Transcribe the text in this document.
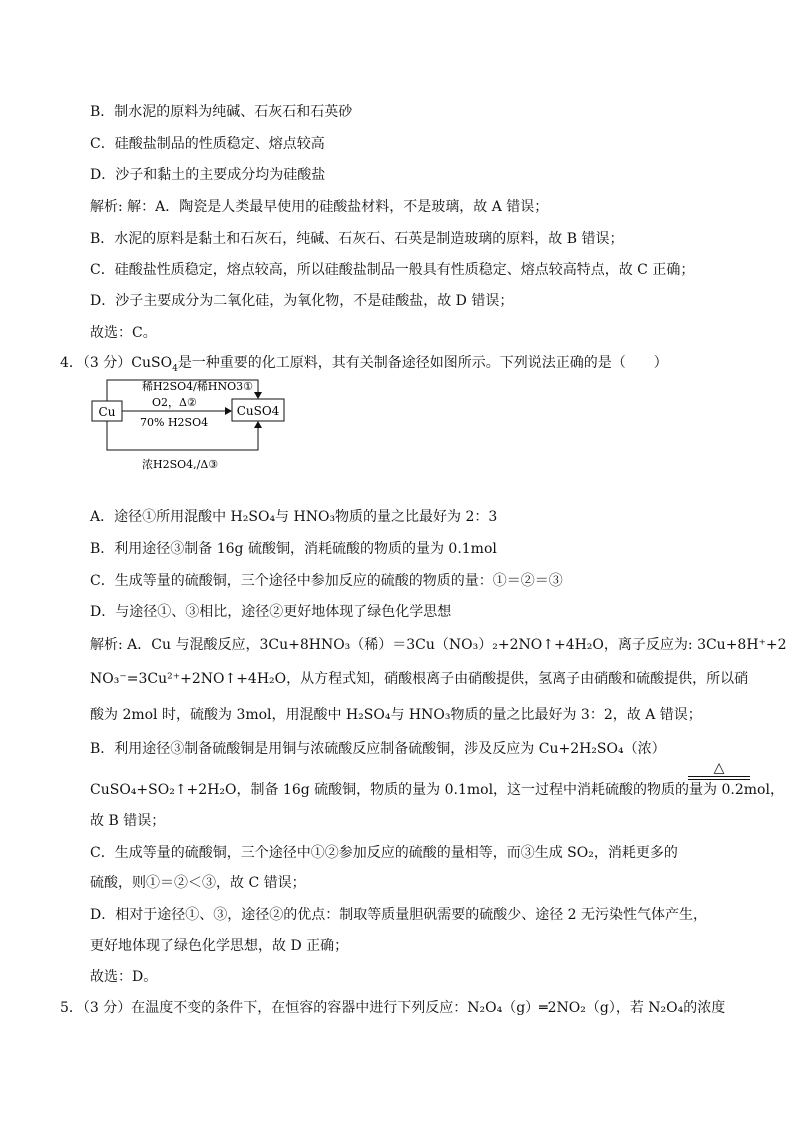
B．制水泥的原料为纯碱、石灰石和石英砂
C．硅酸盐制品的性质稳定、熔点较高
D．沙子和黏土的主要成分均为硅酸盐
解析: 解：A．陶瓷是人类最早使用的硅酸盐材料，不是玻璃，故 A 错误；
B．水泥的原料是黏土和石灰石，纯碱、石灰石、石英是制造玻璃的原料，故 B 错误；
C．硅酸盐性质稳定，熔点较高，所以硅酸盐制品一般具有性质稳定、熔点较高特点，故 C 正确；
D．沙子主要成分为二氧化硅，为氧化物，不是硅酸盐，故 D 错误；
故选：C。
4．（3 分）CuSO$_4$是一种重要的化工原料，其有关制备途径如图所示。下列说法正确的是（　　）
Cu	CuSO4
稀H2SO4/稀HNO3①
O2，Δ②
70% H2SO4
浓H2SO4,/Δ③
A．途径①所用混酸中 H₂SO₄与 HNO₃物质的量之比最好为 2：3
B．利用途径③制备 16g 硫酸铜，消耗硫酸的物质的量为 0.1mol
C．生成等量的硫酸铜，三个途径中参加反应的硫酸的物质的量：①＝②＝③
D．与途径①、③相比，途径②更好地体现了绿色化学思想
解析: A．Cu 与混酸反应，3Cu+8HNO₃（稀）＝3Cu（NO₃）₂+2NO↑+4H₂O，离子反应为: 3Cu+8H⁺+2
NO₃⁻=3Cu²⁺+2NO↑+4H₂O，从方程式知，硝酸根离子由硝酸提供，氢离子由硝酸和硫酸提供，所以硝
酸为 2mol 时，硫酸为 3mol，用混酸中 H₂SO₄与 HNO₃物质的量之比最好为 3：2，故 A 错误；
B．利用途径③制备硫酸铜是用铜与浓硫酸反应制备硫酸铜，涉及反应为 Cu+2H₂SO₄（浓）
△
CuSO₄+SO₂↑+2H₂O，制备 16g 硫酸铜，物质的量为 0.1mol，这一过程中消耗硫酸的物质的量为 0.2mol，
故 B 错误；
C．生成等量的硫酸铜，三个途径中①②参加反应的硫酸的量相等，而③生成 SO₂，消耗更多的
硫酸，则①＝②＜③，故 C 错误；
D．相对于途径①、③，途径②的优点：制取等质量胆矾需要的硫酸少、途径 2 无污染性气体产生，
更好地体现了绿色化学思想，故 D 正确；
故选：D。
5．（3 分）在温度不变的条件下，在恒容的容器中进行下列反应：N₂O₄（g）═2NO₂（g），若 N₂O₄的浓度
